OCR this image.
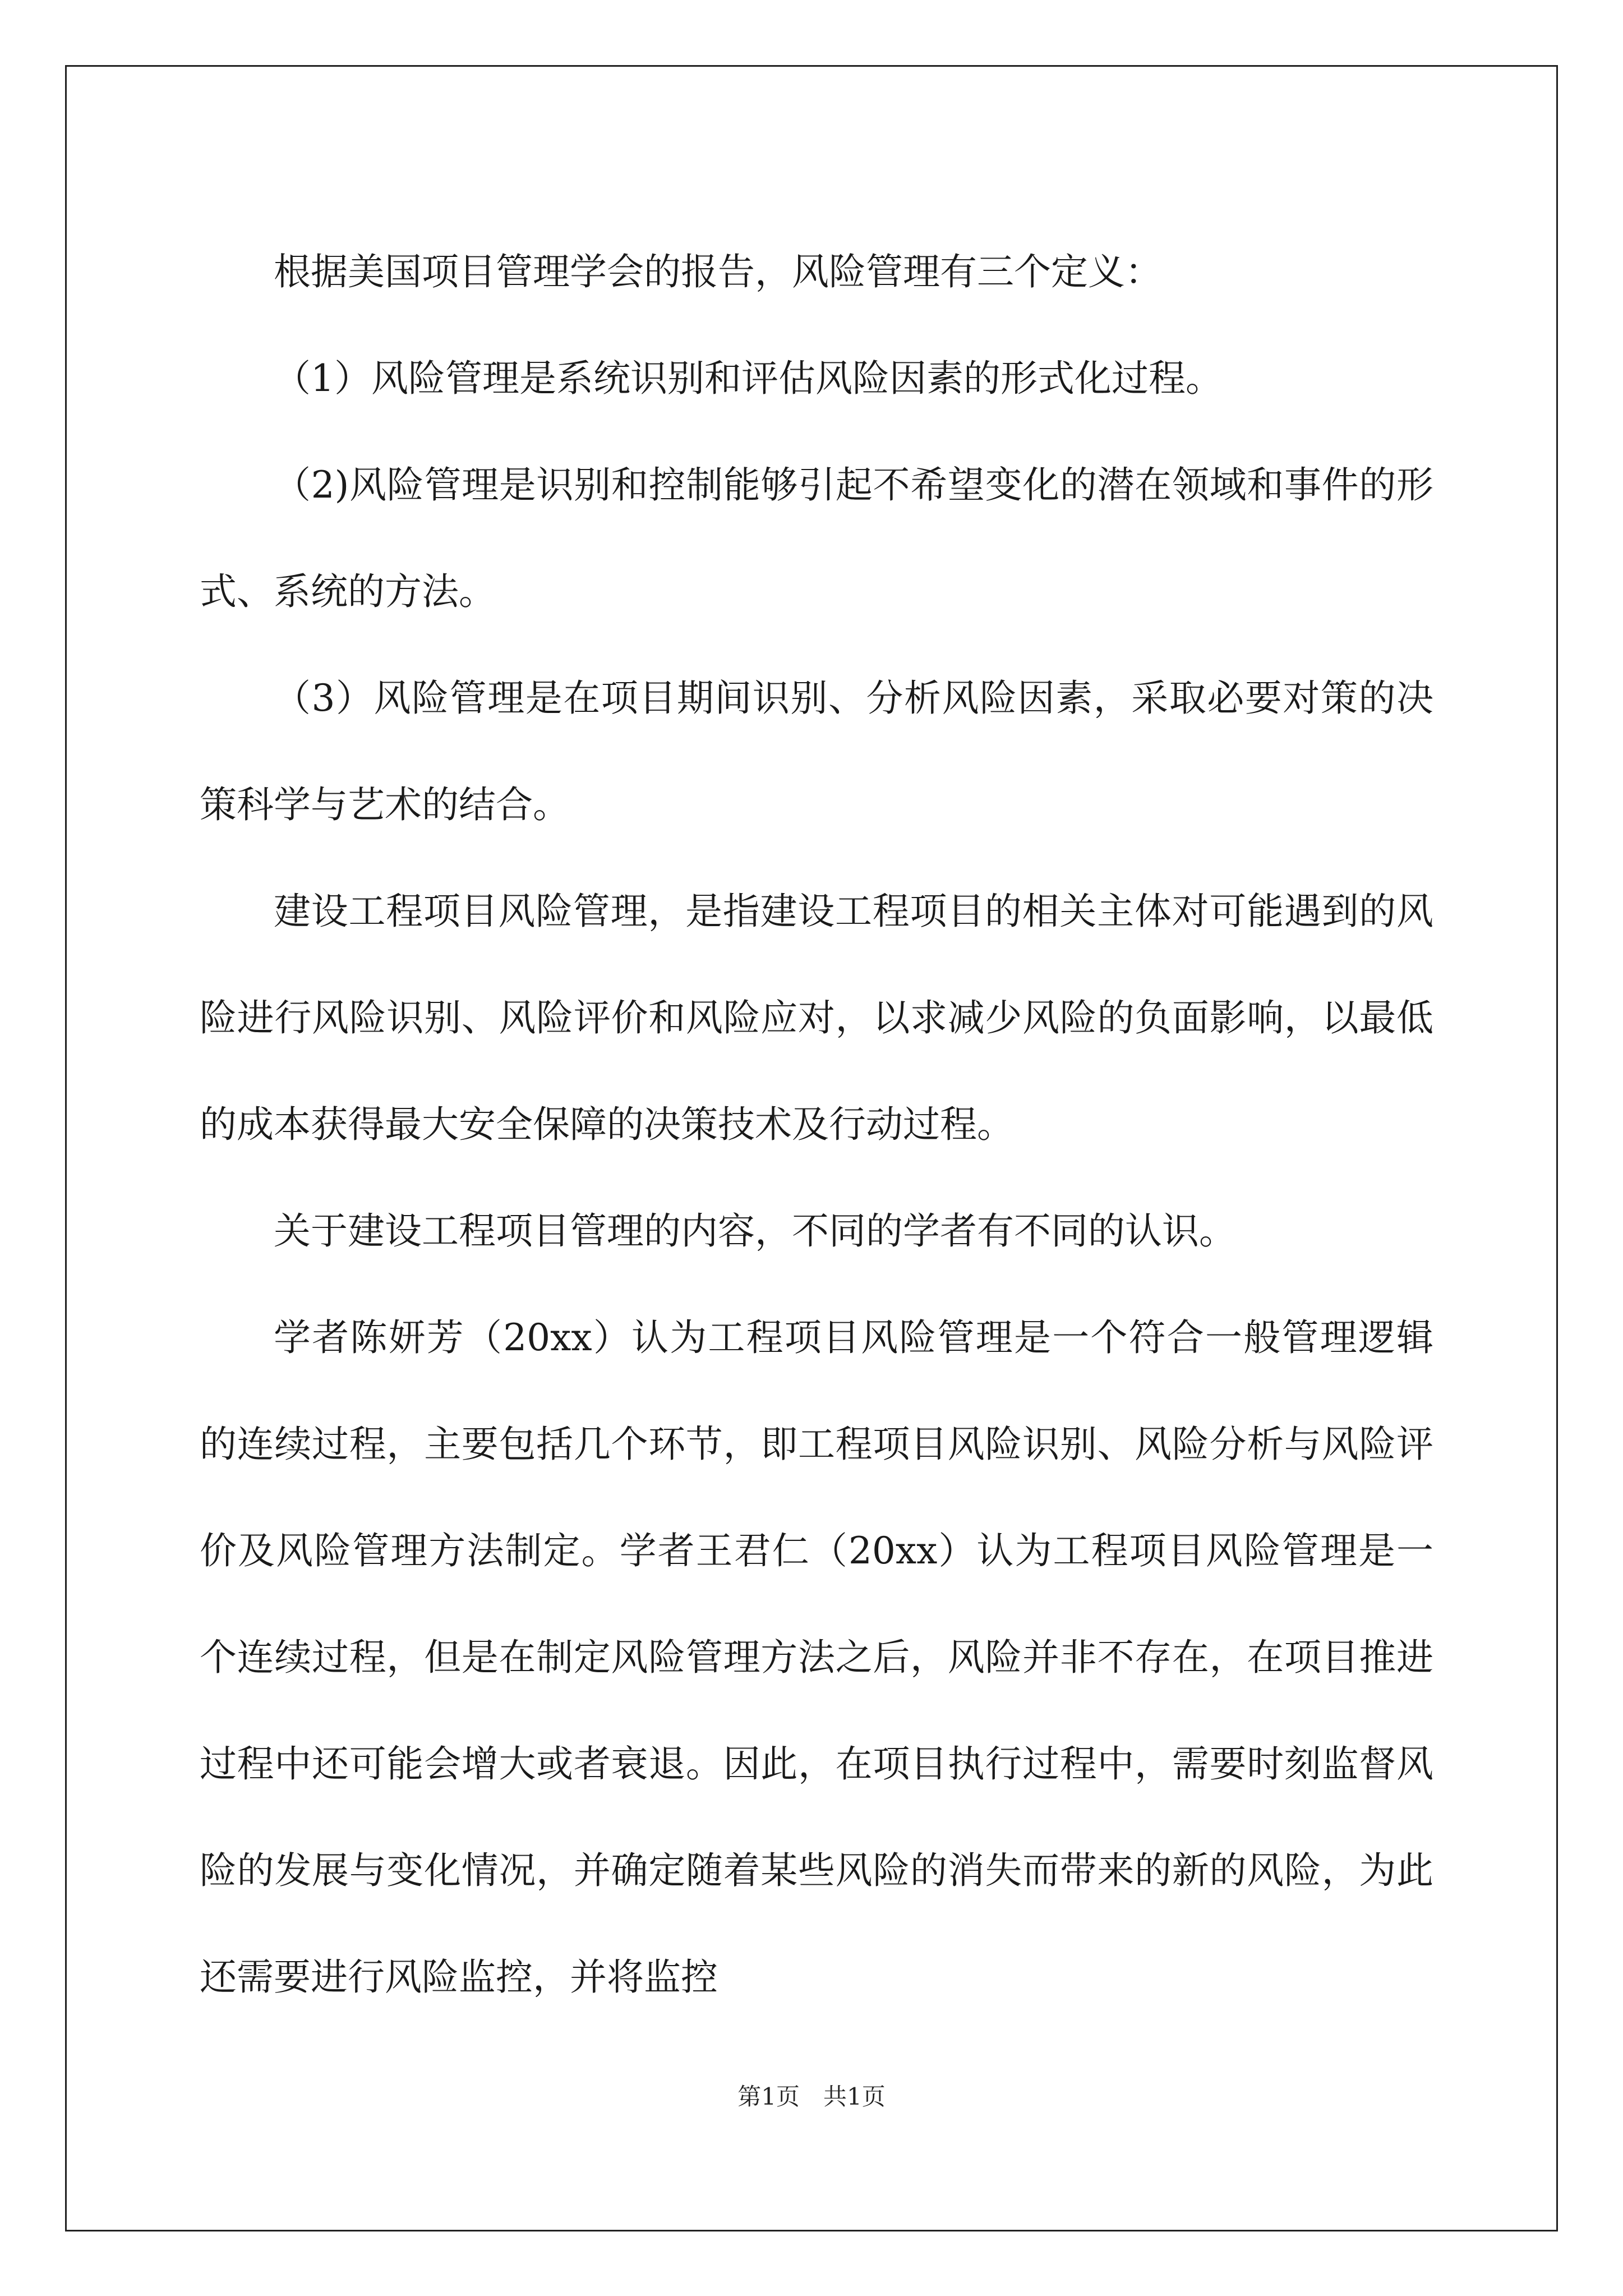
根据美国项目管理学会的报告，风险管理有三个定义：

（1）风险管理是系统识别和评估风险因素的形式化过程。

（2)风险管理是识别和控制能够引起不希望变化的潜在领域和事件的形式、系统的方法。

（3）风险管理是在项目期间识别、分析风险因素，采取必要对策的决策科学与艺术的结合。

建设工程项目风险管理，是指建设工程项目的相关主体对可能遇到的风险进行风险识别、风险评价和风险应对，以求减少风险的负面影响，以最低的成本获得最大安全保障的决策技术及行动过程。

关于建设工程项目管理的内容，不同的学者有不同的认识。

学者陈妍芳（20xx）认为工程项目风险管理是一个符合一般管理逻辑的连续过程，主要包括几个环节，即工程项目风险识别、风险分析与风险评价及风险管理方法制定。学者王君仁（20xx）认为工程项目风险管理是一个连续过程，但是在制定风险管理方法之后，风险并非不存在，在项目推进过程中还可能会增大或者衰退。因此，在项目执行过程中，需要时刻监督风险的发展与变化情况，并确定随着某些风险的消失而带来的新的风险，为此还需要进行风险监控，并将监控

第1页　共1页
